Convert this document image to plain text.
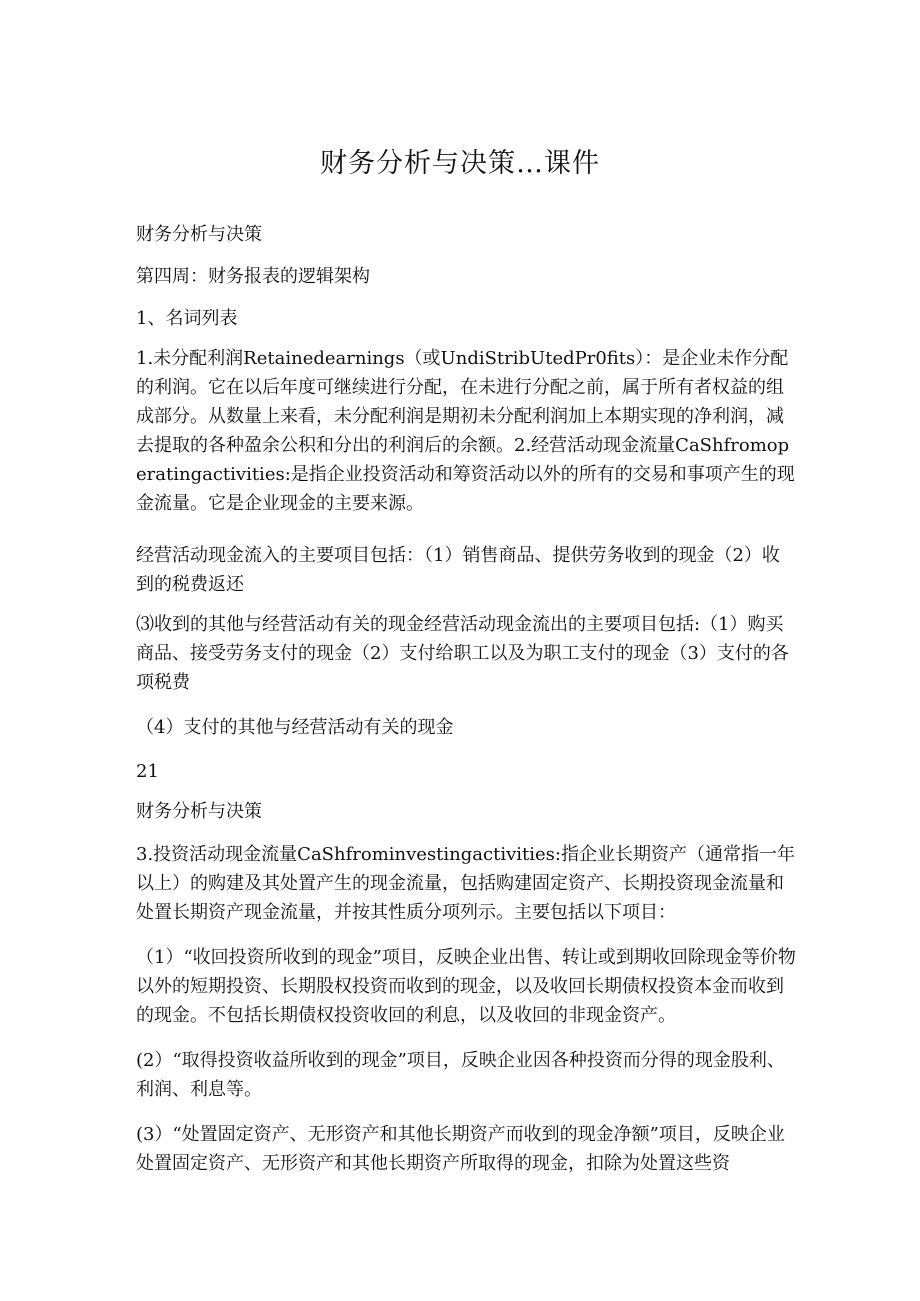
财务分析与决策…课件

财务分析与决策

第四周：财务报表的逻辑架构

1、名词列表

1.未分配利润Retainedearnings（或UndiStribUtedPr0fits）：是企业未作分配的利润。它在以后年度可继续进行分配，在未进行分配之前，属于所有者权益的组成部分。从数量上来看，未分配利润是期初未分配利润加上本期实现的净利润，减去提取的各种盈余公积和分出的利润后的余额。2.经营活动现金流量CaShfromoperatingactivities:是指企业投资活动和筹资活动以外的所有的交易和事项产生的现金流量。它是企业现金的主要来源。

经营活动现金流入的主要项目包括：（1）销售商品、提供劳务收到的现金（2）收到的税费返还

⑶收到的其他与经营活动有关的现金经营活动现金流出的主要项目包括:（1）购买商品、接受劳务支付的现金（2）支付给职工以及为职工支付的现金（3）支付的各项税费

（4）支付的其他与经营活动有关的现金

21

财务分析与决策

3.投资活动现金流量CaShfrominvestingactivities:指企业长期资产（通常指一年以上）的购建及其处置产生的现金流量，包括购建固定资产、长期投资现金流量和处置长期资产现金流量，并按其性质分项列示。主要包括以下项目：

（1）“收回投资所收到的现金”项目，反映企业出售、转让或到期收回除现金等价物以外的短期投资、长期股权投资而收到的现金，以及收回长期债权投资本金而收到的现金。不包括长期债权投资收回的利息，以及收回的非现金资产。

(2）“取得投资收益所收到的现金”项目，反映企业因各种投资而分得的现金股利、利润、利息等。

(3）“处置固定资产、无形资产和其他长期资产而收到的现金净额”项目，反映企业处置固定资产、无形资产和其他长期资产所取得的现金，扣除为处置这些资
